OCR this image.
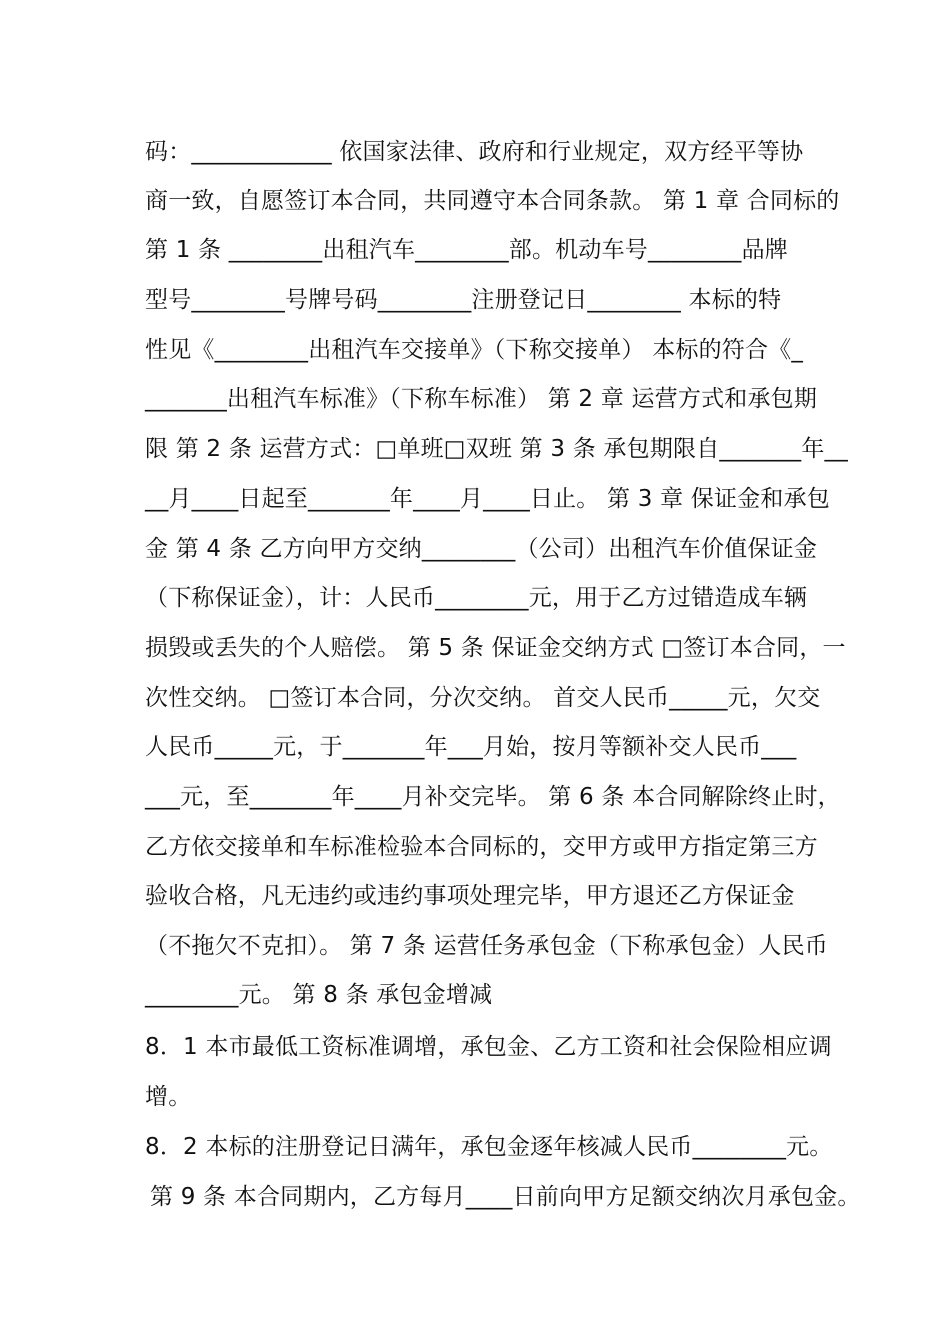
码：____________ 依国家法律、政府和行业规定，双方经平等协
商一致，自愿签订本合同，共同遵守本合同条款。 第 1 章 合同标的
第 1 条 ________出租汽车________部。机动车号________品牌
型号________号牌号码________注册登记日________ 本标的特
性见《________出租汽车交接单》（下称交接单） 本标的符合《_
_______出租汽车标准》（下称车标准） 第 2 章 运营方式和承包期
限 第 2 条 运营方式：□单班□双班 第 3 条 承包期限自_______年__
__月____日起至_______年____月____日止。 第 3 章 保证金和承包
金 第 4 条 乙方向甲方交纳________（公司）出租汽车价值保证金
（下称保证金），计：人民币________元，用于乙方过错造成车辆
损毁或丢失的个人赔偿。 第 5 条 保证金交纳方式 □签订本合同，一
次性交纳。 □签订本合同，分次交纳。 首交人民币_____元，欠交
人民币_____元，于_______年___月始，按月等额补交人民币___
___元，至_______年____月补交完毕。 第 6 条 本合同解除终止时，
乙方依交接单和车标准检验本合同标的，交甲方或甲方指定第三方
验收合格，凡无违约或违约事项处理完毕，甲方退还乙方保证金
（不拖欠不克扣）。 第 7 条 运营任务承包金（下称承包金）人民币
________元。 第 8 条 承包金增减
8．1 本市最低工资标准调增，承包金、乙方工资和社会保险相应调
增。
8．2 本标的注册登记日满年，承包金逐年核减人民币________元。
第 9 条 本合同期内，乙方每月____日前向甲方足额交纳次月承包金。
